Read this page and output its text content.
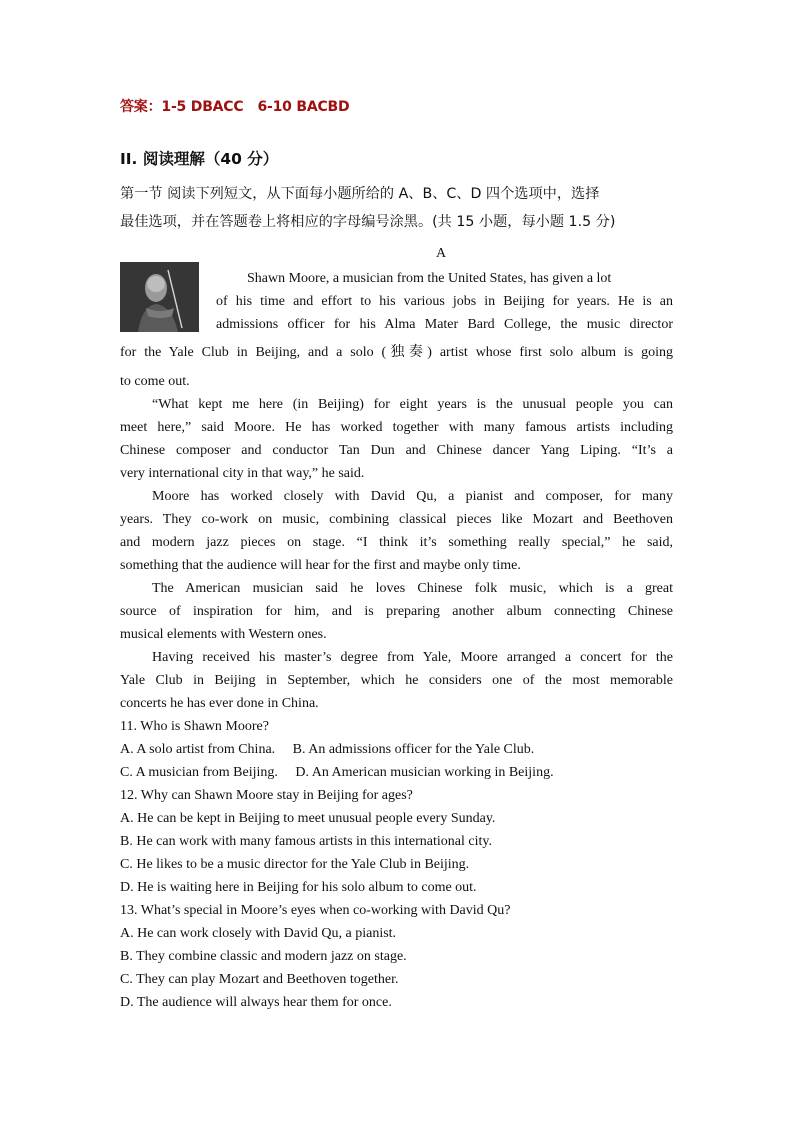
答案：1-5 DBACC 6-10 BACBD
II. 阅读理解（40 分）
第一节 阅读下列短文，从下面每小题所给的 A、B、C、D 四个选项中，选择
最佳选项，并在答题卷上将相应的字母编号涂黑。(共 15 小题，每小题 1.5 分)
A
Shawn Moore, a musician from the United States, has given a lot
of his time and effort to his various jobs in Beijing for years. He is an
admissions officer for his Alma Mater Bard College, the music director
for the Yale Club in Beijing, and a solo (独奏) artist whose first solo album is going
to come out.
“What kept me here (in Beijing) for eight years is the unusual people you can
meet here,” said Moore. He has worked together with many famous artists including
Chinese composer and conductor Tan Dun and Chinese dancer Yang Liping. “It’s a
very international city in that way,” he said.
Moore has worked closely with David Qu, a pianist and composer, for many
years. They co-work on music, combining classical pieces like Mozart and Beethoven
and modern jazz pieces on stage. “I think it’s something really special,” he said,
something that the audience will hear for the first and maybe only time.
The American musician said he loves Chinese folk music, which is a great
source of inspiration for him, and is preparing another album connecting Chinese
musical elements with Western ones.
Having received his master’s degree from Yale, Moore arranged a concert for the
Yale Club in Beijing in September, which he considers one of the most memorable
concerts he has ever done in China.
11. Who is Shawn Moore?
A. A solo artist from China.     B. An admissions officer for the Yale Club.
C. A musician from Beijing.     D. An American musician working in Beijing.
12. Why can Shawn Moore stay in Beijing for ages?
A. He can be kept in Beijing to meet unusual people every Sunday.
B. He can work with many famous artists in this international city.
C. He likes to be a music director for the Yale Club in Beijing.
D. He is waiting here in Beijing for his solo album to come out.
13. What’s special in Moore’s eyes when co-working with David Qu?
A. He can work closely with David Qu, a pianist.
B. They combine classic and modern jazz on stage.
C. They can play Mozart and Beethoven together.
D. The audience will always hear them for once.
